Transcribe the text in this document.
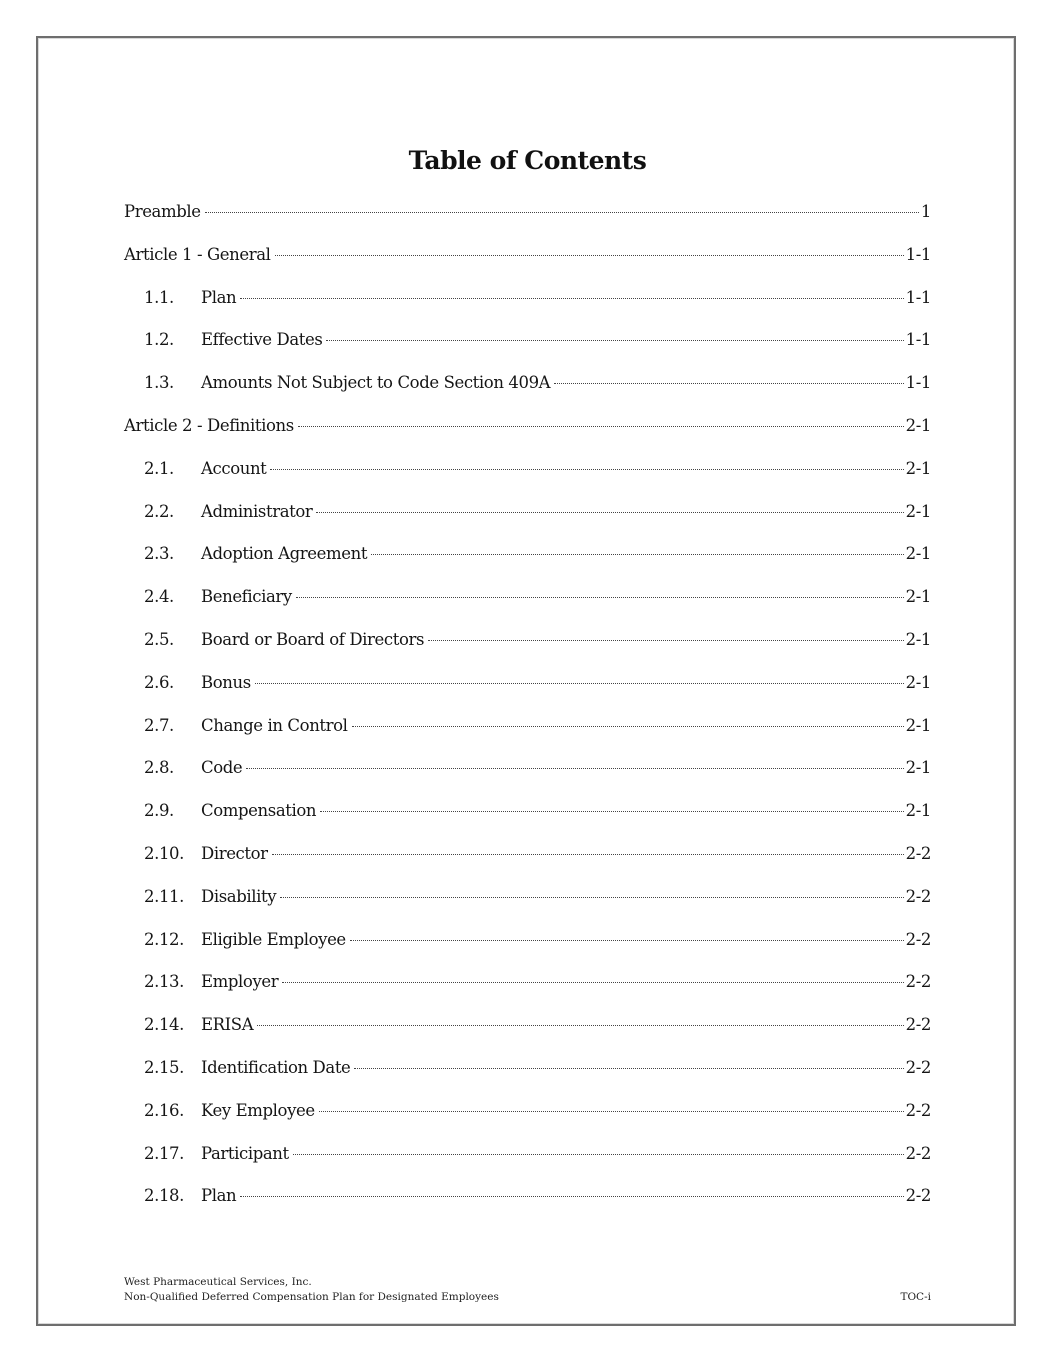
Table of Contents
Preamble	1
Article 1 - General	1-1
1.1.	Plan	1-1
1.2.	Effective Dates	1-1
1.3.	Amounts Not Subject to Code Section 409A	1-1
Article 2 - Definitions	2-1
2.1.	Account	2-1
2.2.	Administrator	2-1
2.3.	Adoption Agreement	2-1
2.4.	Beneficiary	2-1
2.5.	Board or Board of Directors	2-1
2.6.	Bonus	2-1
2.7.	Change in Control	2-1
2.8.	Code	2-1
2.9.	Compensation	2-1
2.10.	Director	2-2
2.11.	Disability	2-2
2.12.	Eligible Employee	2-2
2.13.	Employer	2-2
2.14.	ERISA	2-2
2.15.	Identification Date	2-2
2.16.	Key Employee	2-2
2.17.	Participant	2-2
2.18.	Plan	2-2
West Pharmaceutical Services, Inc.
Non-Qualified Deferred Compensation Plan for Designated Employees	TOC-i
